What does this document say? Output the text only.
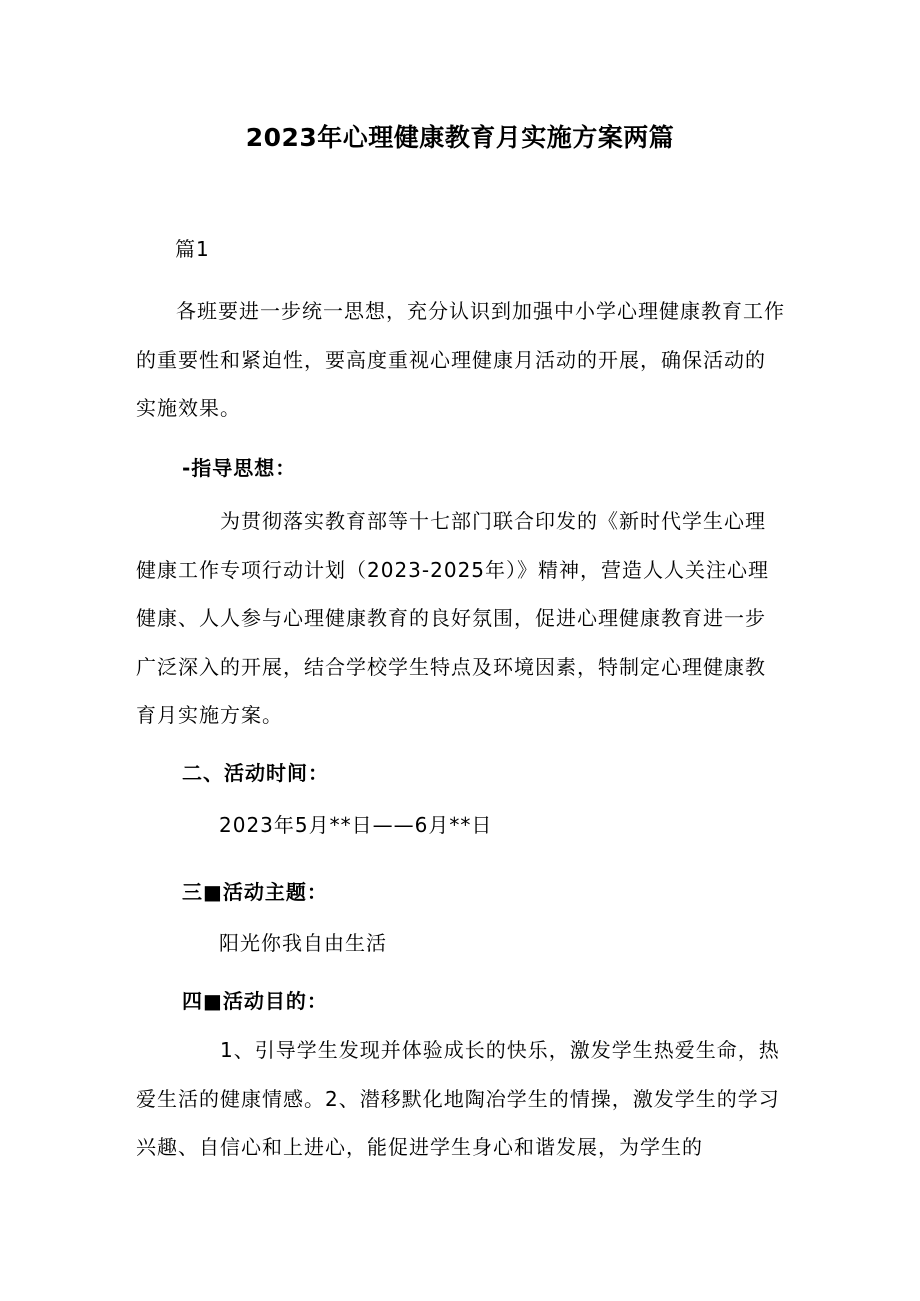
2023年心理健康教育月实施方案两篇
篇1
各班要进一步统一思想，充分认识到加强中小学心理健康教育工作的重要性和紧迫性，要高度重视心理健康月活动的开展，确保活动的实施效果。
-指导思想：
为贯彻落实教育部等十七部门联合印发的《新时代学生心理健康工作专项行动计划（2023-2025年）》精神，营造人人关注心理健康、人人参与心理健康教育的良好氛围，促进心理健康教育进一步广泛深入的开展，结合学校学生特点及环境因素，特制定心理健康教育月实施方案。
二、活动时间：
2023年5月**日——6月**日
三■活动主题：
阳光你我自由生活
四■活动目的：
1、引导学生发现并体验成长的快乐，激发学生热爱生命，热爱生活的健康情感。2、潜移默化地陶冶学生的情操，激发学生的学习兴趣、自信心和上进心，能促进学生身心和谐发展，为学生的
